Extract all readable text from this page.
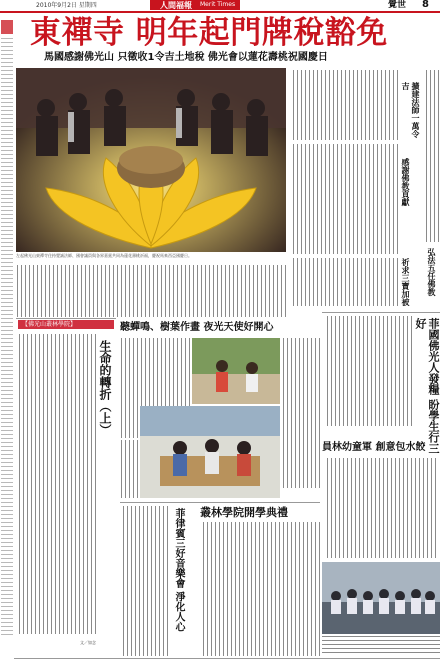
2010年9月2日 星期四	人間福報 Merit Times	覺世 8
東禪寺 明年起門牌稅豁免
馬國感謝佛光山 只徵收1令吉土地稅 佛光會以蓮花壽桃祝國慶日
擴建法師一萬令吉
感謝佛教貢獻
祈求三寶加被 弘法五任佛教
左起佛光山東禪寺住持覺誠法師、國會議員與各界嘉賓共同為蓮花壽桃祈福，慶祝馬來西亞國慶日。
【佛光山叢林學院】
生命的轉折（上）
文／如念
聽蟬鳴、樹葉作畫 夜光天使好開心	菲國佛光人發糧 盼學生行三好
員林幼童軍 創意包水餃
叢林學院開學典禮
菲律賓三好音樂會 淨化人心
